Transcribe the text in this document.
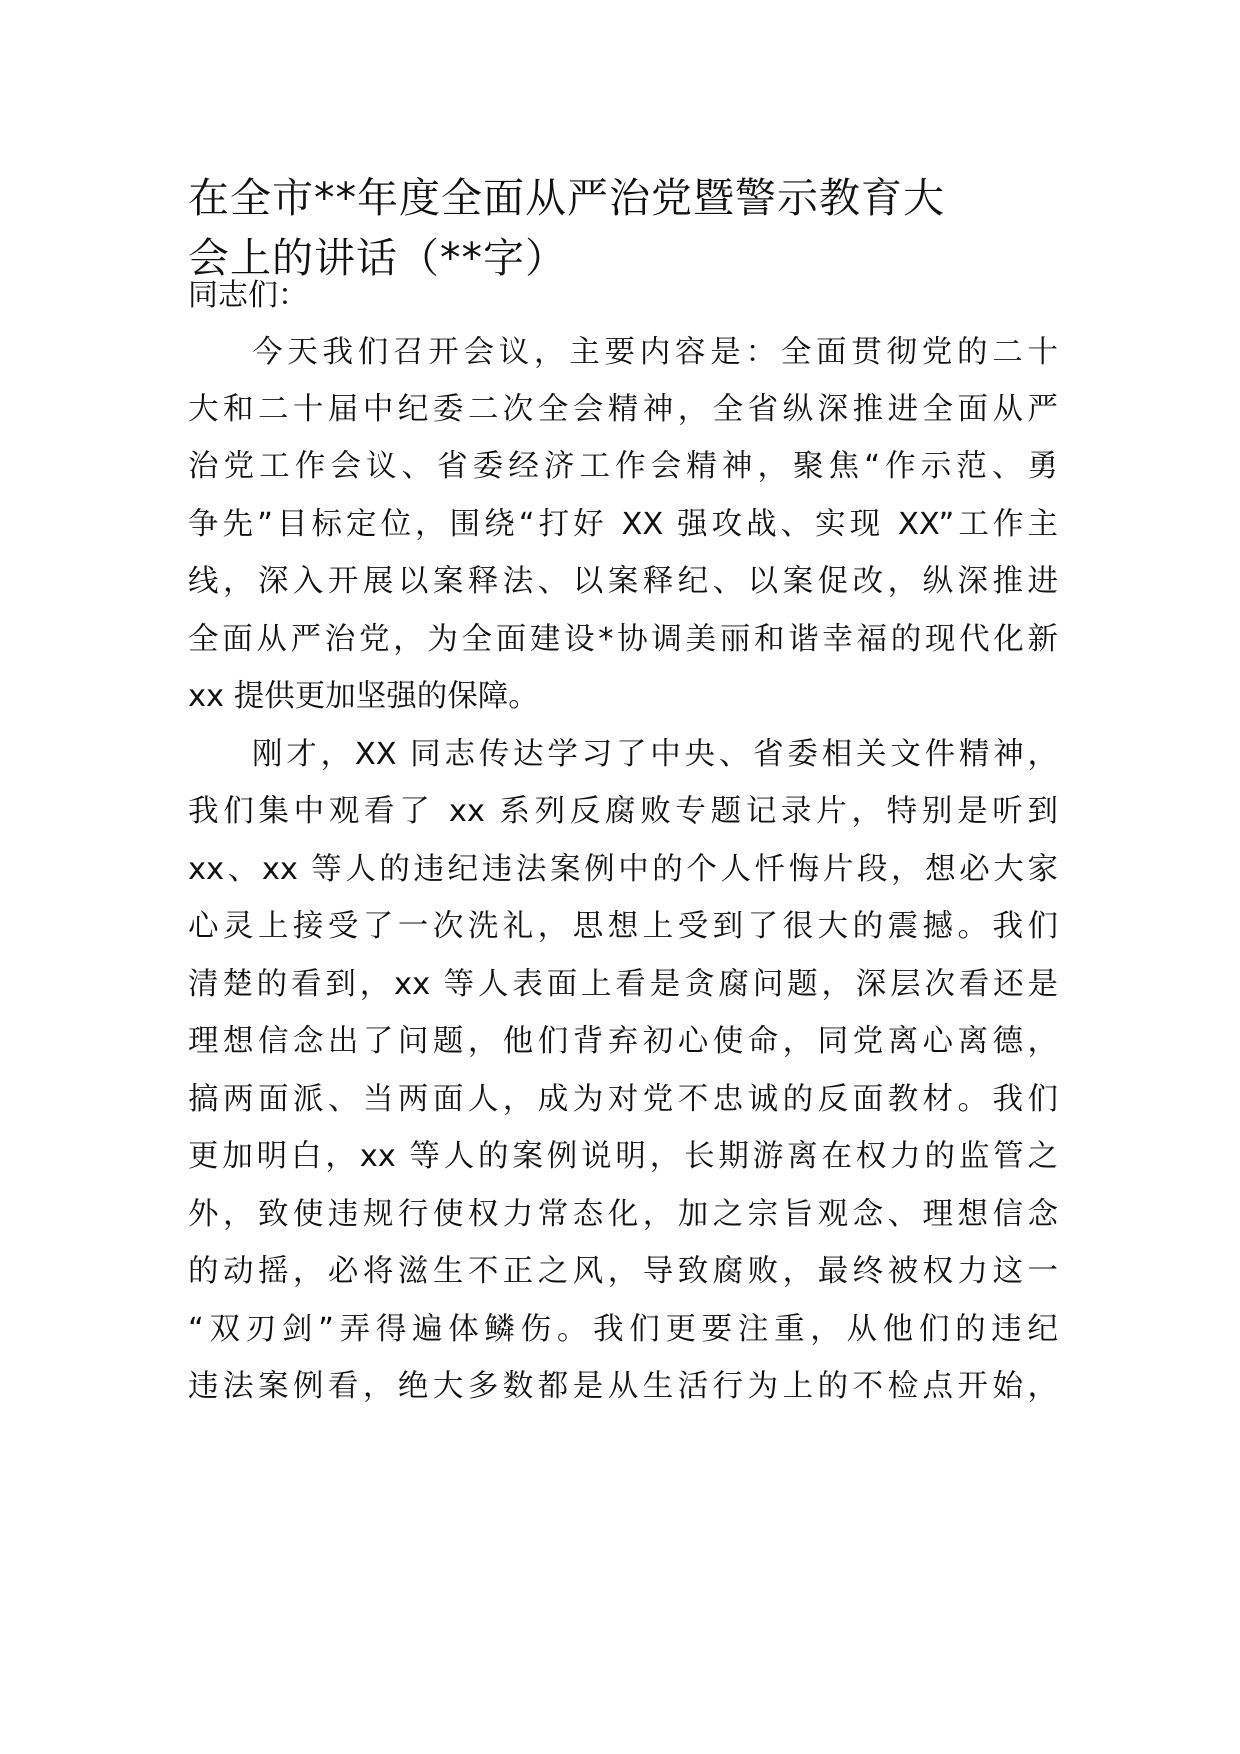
在全市**年度全面从严治党暨警示教育大
会上的讲话（**字）
同志们：
今天我们召开会议，主要内容是：全面贯彻党的二十
大和二十届中纪委二次全会精神，全省纵深推进全面从严
治党工作会议、省委经济工作会精神，聚焦“作示范、勇
争先”目标定位，围绕“打好 XX 强攻战、实现 XX”工作主
线，深入开展以案释法、以案释纪、以案促改，纵深推进
全面从严治党，为全面建设*协调美丽和谐幸福的现代化新
xx 提供更加坚强的保障。
刚才，XX 同志传达学习了中央、省委相关文件精神，
我们集中观看了 xx 系列反腐败专题记录片，特别是听到
xx、xx 等人的违纪违法案例中的个人忏悔片段，想必大家
心灵上接受了一次洗礼，思想上受到了很大的震撼。我们
清楚的看到，xx 等人表面上看是贪腐问题，深层次看还是
理想信念出了问题，他们背弃初心使命，同党离心离德，
搞两面派、当两面人，成为对党不忠诚的反面教材。我们
更加明白，xx 等人的案例说明，长期游离在权力的监管之
外，致使违规行使权力常态化，加之宗旨观念、理想信念
的动摇，必将滋生不正之风，导致腐败，最终被权力这一
“双刃剑”弄得遍体鳞伤。我们更要注重，从他们的违纪
违法案例看，绝大多数都是从生活行为上的不检点开始，
